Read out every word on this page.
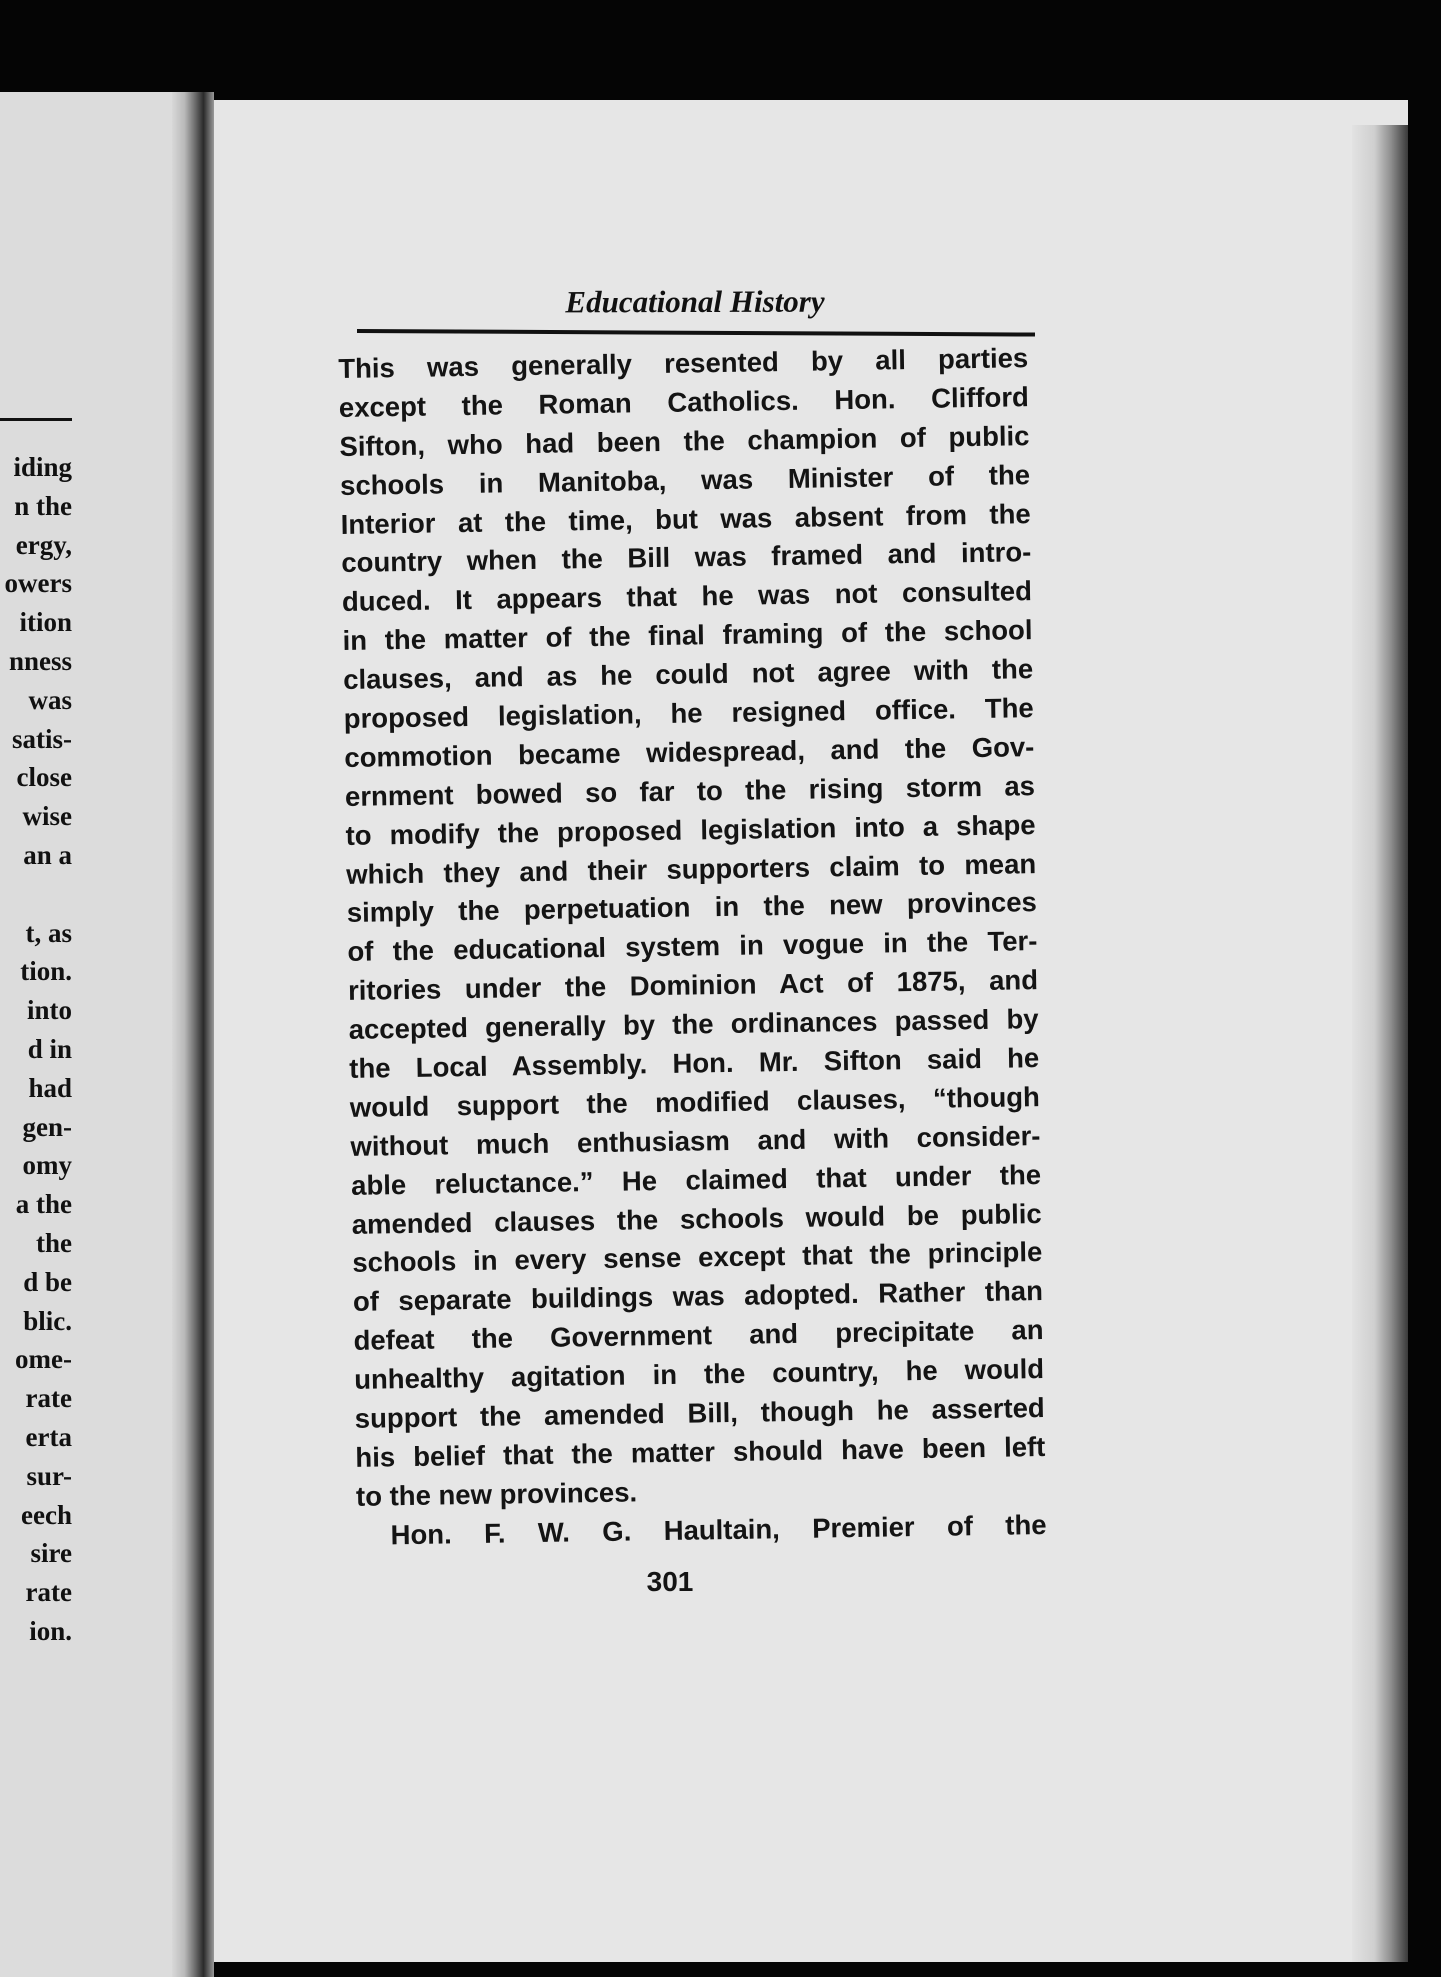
iding
n the
ergy,
owers
ition
nness
was
satis-
close
wise
an a
t, as
tion.
into
d in
had
gen-
omy
a the
the
d be
blic.
ome-
rate
erta
sur-
eech
sire
rate
ion.
Educational History
This was generally resented by all parties
except the Roman Catholics. Hon. Clifford
Sifton, who had been the champion of public
schools in Manitoba, was Minister of the
Interior at the time, but was absent from the
country when the Bill was framed and intro-
duced. It appears that he was not consulted
in the matter of the final framing of the school
clauses, and as he could not agree with the
proposed legislation, he resigned office. The
commotion became widespread, and the Gov-
ernment bowed so far to the rising storm as
to modify the proposed legislation into a shape
which they and their supporters claim to mean
simply the perpetuation in the new provinces
of the educational system in vogue in the Ter-
ritories under the Dominion Act of 1875, and
accepted generally by the ordinances passed by
the Local Assembly. Hon. Mr. Sifton said he
would support the modified clauses, “though
without much enthusiasm and with consider-
able reluctance.” He claimed that under the
amended clauses the schools would be public
schools in every sense except that the principle
of separate buildings was adopted. Rather than
defeat the Government and precipitate an
unhealthy agitation in the country, he would
support the amended Bill, though he asserted
his belief that the matter should have been left
to the new provinces.
Hon. F. W. G. Haultain, Premier of the
301
